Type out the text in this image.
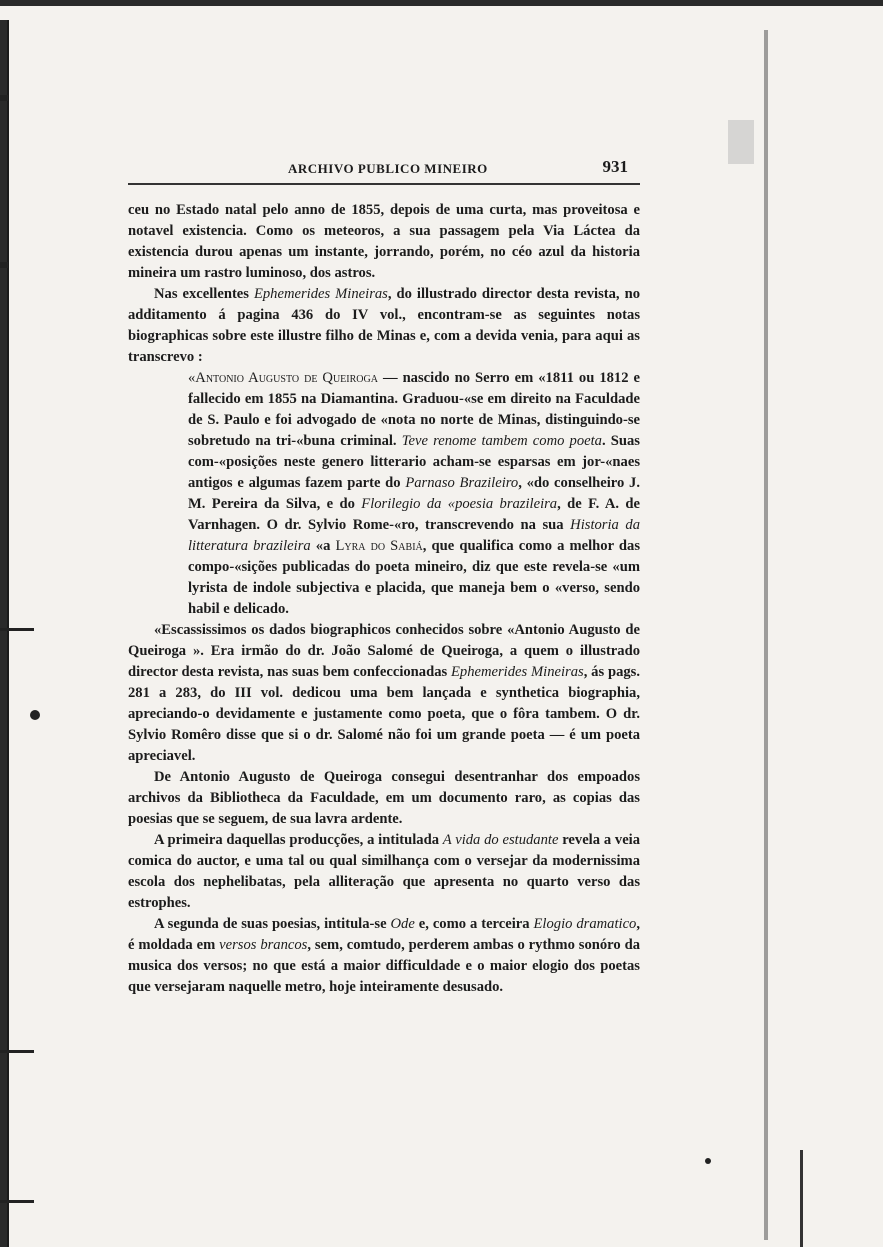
ARCHIVO PUBLICO MINEIRO	931

ceu no Estado natal pelo anno de 1855, depois de uma curta, mas proveitosa e notavel existencia. Como os meteoros, a sua passagem pela Via Láctea da existencia durou apenas um instante, jorrando, porém, no céo azul da historia mineira um rastro luminoso, dos astros.

Nas excellentes Ephemerides Mineiras, do illustrado director desta revista, no additamento á pagina 436 do IV vol., encontram-se as seguintes notas biographicas sobre este illustre filho de Minas e, com a devida venia, para aqui as transcrevo :

«Antonio Augusto de Queiroga — nascido no Serro em «1811 ou 1812 e fallecido em 1855 na Diamantina. Graduou-«se em direito na Faculdade de S. Paulo e foi advogado de «nota no norte de Minas, distinguindo-se sobretudo na tri-«buna criminal. Teve renome tambem como poeta. Suas com-«posições neste genero litterario acham-se esparsas em jor-«naes antigos e algumas fazem parte do Parnaso Brazileiro, «do conselheiro J. M. Pereira da Silva, e do Florilegio da «poesia brazileira, de F. A. de Varnhagen. O dr. Sylvio Rome-«ro, transcrevendo na sua Historia da litteratura brazileira «a Lyra do Sabiá, que qualifica como a melhor das compo-«sições publicadas do poeta mineiro, diz que este revela-se «um lyrista de indole subjectiva e placida, que maneja bem o «verso, sendo habil e delicado.

«Escassissimos os dados biographicos conhecidos sobre «Antonio Augusto de Queiroga ». Era irmão do dr. João Salomé de Queiroga, a quem o illustrado director desta revista, nas suas bem confeccionadas Ephemerides Mineiras, ás pags. 281 a 283, do III vol. dedicou uma bem lançada e synthetica biographia, apreciando-o devidamente e justamente como poeta, que o fôra tambem. O dr. Sylvio Romêro disse que si o dr. Salomé não foi um grande poeta — é um poeta apreciavel.

De Antonio Augusto de Queiroga consegui desentranhar dos empoados archivos da Bibliotheca da Faculdade, em um documento raro, as copias das poesias que se seguem, de sua lavra ardente.

A primeira daquellas producções, a intitulada A vida do estudante revela a veia comica do auctor, e uma tal ou qual similhança com o versejar da modernissima escola dos nephelibatas, pela alliteração que apresenta no quarto verso das estrophes.

A segunda de suas poesias, intitula-se Ode e, como a terceira Elogio dramatico, é moldada em versos brancos, sem, comtudo, perderem ambas o rythmo sonóro da musica dos versos; no que está a maior difficuldade e o maior elogio dos poetas que versejaram naquelle metro, hoje inteiramente desusado.
